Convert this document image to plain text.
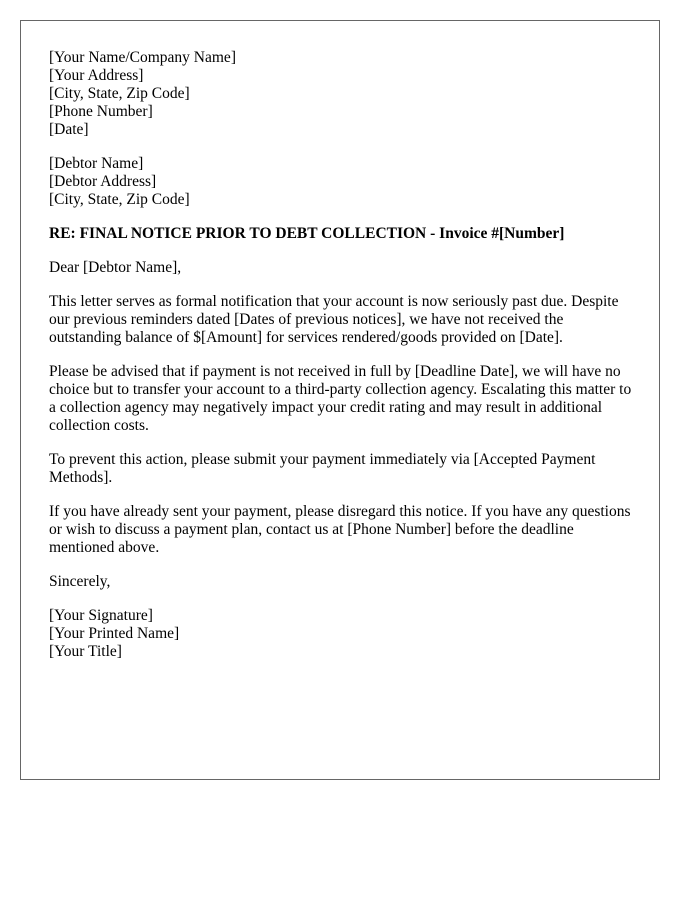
[Your Name/Company Name]
[Your Address]
[City, State, Zip Code]
[Phone Number]
[Date]
[Debtor Name]
[Debtor Address]
[City, State, Zip Code]
RE: FINAL NOTICE PRIOR TO DEBT COLLECTION - Invoice #[Number]

Dear [Debtor Name],

This letter serves as formal notification that your account is now seriously past due. Despite our previous reminders dated [Dates of previous notices], we have not received the outstanding balance of $[Amount] for services rendered/goods provided on [Date].

Please be advised that if payment is not received in full by [Deadline Date], we will have no choice but to transfer your account to a third-party collection agency. Escalating this matter to a collection agency may negatively impact your credit rating and may result in additional collection costs.

To prevent this action, please submit your payment immediately via [Accepted Payment Methods].

If you have already sent your payment, please disregard this notice. If you have any questions or wish to discuss a payment plan, contact us at [Phone Number] before the deadline mentioned above.

Sincerely,

[Your Signature]
[Your Printed Name]
[Your Title]
